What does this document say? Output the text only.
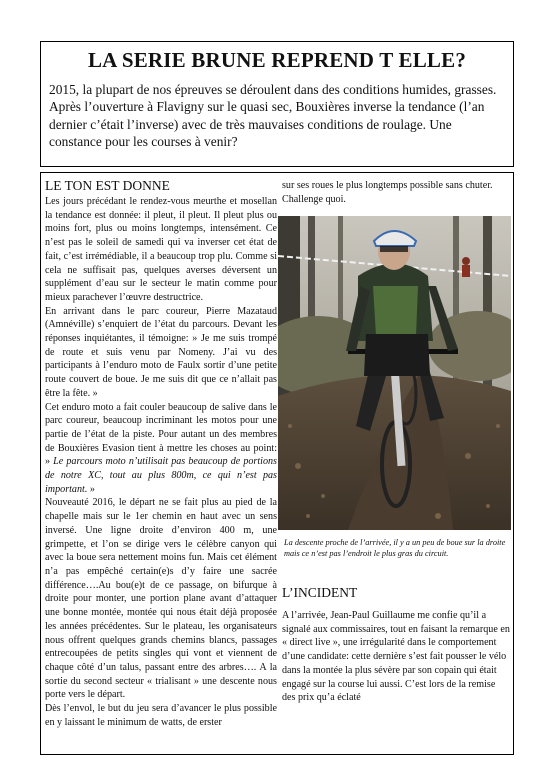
LA SERIE BRUNE REPREND T ELLE?

2015, la plupart de nos épreuves se déroulent dans des conditions humides, grasses. Après l’ouverture à Flavigny sur le quasi sec, Bouxières inverse la tendance (l’an dernier c’était l’inverse) avec de très mauvaises conditions de roulage. Une constance pour les courses à venir?

LE TON EST DONNE

Les jours précédant le rendez-vous meurthe et mosellan la tendance est donnée: il pleut, il pleut. Il pleut plus ou moins fort, plus ou moins longtemps, intensément. Ce n’est pas le soleil de samedi qui va inverser cet état de fait, c’est irrémédiable, il a beaucoup trop plu. Comme si cela ne suffisait pas, quelques averses déversent un supplément d’eau sur le secteur le matin comme pour mieux parachever l’œuvre destructrice.

En arrivant dans le parc coureur, Pierre Mazataud (Amnéville) s’enquiert de l’état du parcours. Devant les réponses inquiétantes, il témoigne: » Je me suis trompé de route et suis venu par Nomeny. J’ai vu des participants à l’enduro moto de Faulx sortir d’une petite route couvert de boue. Je me suis dit que ce n’allait pas être la fête. »

Cet enduro moto a fait couler beaucoup de salive dans le parc coureur, beaucoup incriminant les motos pour une partie de l’état de la piste. Pour autant un des membres de Bouxières Evasion tient à mettre les choses au point: » Le parcours moto n’utilisait pas beaucoup de portions de notre XC, tout au plus 800m, ce qui n’est pas important. »

Nouveauté 2016, le départ ne se fait plus au pied de la chapelle mais sur le 1er chemin en haut avec un sens inversé. Une ligne droite d’environ 400 m, une grimpette, et l’on se dirige vers le célèbre canyon qui avec la boue sera nettement moins fun. Mais cet élément n’a pas empêché certain(e)s d’y faire une sacrée différence….Au bou(e)t de ce passage, on bifurque à droite pour monter, une portion plane avant d’attaquer une bonne montée, montée qui nous était déjà proposée les années précédentes. Sur le plateau, les organisateurs nous offrent quelques grands chemins blancs, passages entrecoupées de petits singles qui vont et viennent de chaque côté d’un talus, passant entre des arbres…. A la sortie du second secteur « trialisant » une descente nous porte vers le départ.

Dès l’envol, le but du jeu sera d’avancer le plus possible en y laissant le minimum de watts, de erster

sur ses roues le plus longtemps possible sans chuter. Challenge quoi.

La descente proche de l’arrivée, il y a un peu de boue sur la droite mais ce n’est pas l’endroit le plus gras du circuit.

L’INCIDENT

A l’arrivée, Jean-Paul Guillaume me confie qu’il a signalé aux commissaires, tout en faisant la remarque en « direct live », une irrégularité dans le comportement d’une candidate: cette dernière s’est fait pousser le vélo dans la montée la plus sévère par son copain qui était engagé sur la course lui aussi. C’est lors de la remise des prix qu’a éclaté
